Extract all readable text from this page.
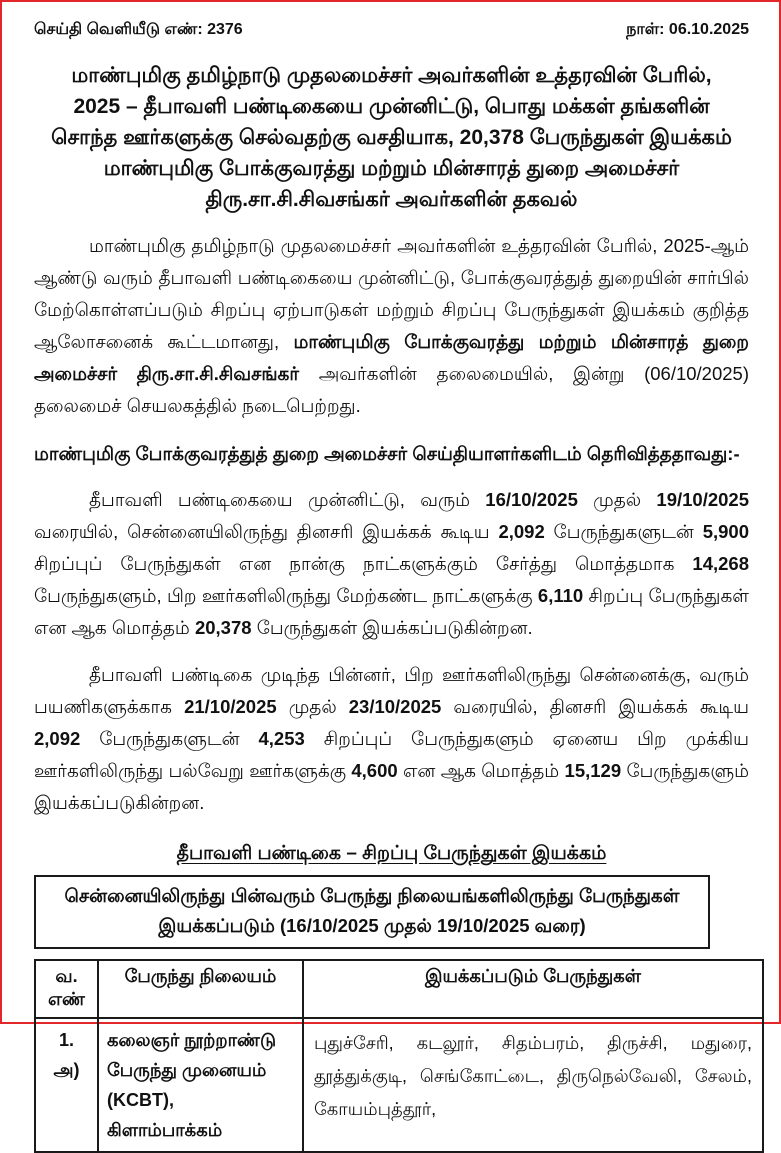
செய்தி வெளியீடு எண்: 2376	நாள்: 06.10.2025
மாண்புமிகு தமிழ்நாடு முதலமைச்சர் அவர்களின் உத்தரவின் பேரில்,
2025 – தீபாவளி பண்டிகையை முன்னிட்டு, பொது மக்கள் தங்களின்
சொந்த ஊர்களுக்கு செல்வதற்கு வசதியாக, 20,378 பேருந்துகள் இயக்கம்
மாண்புமிகு போக்குவரத்து மற்றும் மின்சாரத் துறை அமைச்சர்
திரு.சா.சி.சிவசங்கர் அவர்களின் தகவல்

மாண்புமிகு தமிழ்நாடு முதலமைச்சர் அவர்களின் உத்தரவின் பேரில், 2025-ஆம் ஆண்டு வரும் தீபாவளி பண்டிகையை முன்னிட்டு, போக்குவரத்துத் துறையின் சார்பில் மேற்கொள்ளப்படும் சிறப்பு ஏற்பாடுகள் மற்றும் சிறப்பு பேருந்துகள் இயக்கம் குறித்த ஆலோசனைக் கூட்டமானது, மாண்புமிகு போக்குவரத்து மற்றும் மின்சாரத் துறை அமைச்சர் திரு.சா.சி.சிவசங்கர் அவர்களின் தலைமையில், இன்று (06/10/2025) தலைமைச் செயலகத்தில் நடைபெற்றது.

மாண்புமிகு போக்குவரத்துத் துறை அமைச்சர் செய்தியாளர்களிடம் தெரிவித்ததாவது:-

தீபாவளி பண்டிகையை முன்னிட்டு, வரும் 16/10/2025 முதல் 19/10/2025 வரையில், சென்னையிலிருந்து தினசரி இயக்கக் கூடிய 2,092 பேருந்துகளுடன் 5,900 சிறப்புப் பேருந்துகள் என நான்கு நாட்களுக்கும் சேர்த்து மொத்தமாக 14,268 பேருந்துகளும், பிற ஊர்களிலிருந்து மேற்கண்ட நாட்களுக்கு 6,110 சிறப்பு பேருந்துகள் என ஆக மொத்தம் 20,378 பேருந்துகள் இயக்கப்படுகின்றன.

தீபாவளி பண்டிகை முடிந்த பின்னர், பிற ஊர்களிலிருந்து சென்னைக்கு, வரும் பயணிகளுக்காக 21/10/2025 முதல் 23/10/2025 வரையில், தினசரி இயக்கக் கூடிய 2,092 பேருந்துகளுடன் 4,253 சிறப்புப் பேருந்துகளும் ஏனைய பிற முக்கிய ஊர்களிலிருந்து பல்வேறு ஊர்களுக்கு 4,600 என ஆக மொத்தம் 15,129 பேருந்துகளும் இயக்கப்படுகின்றன.

தீபாவளி பண்டிகை – சிறப்பு பேருந்துகள் இயக்கம்
சென்னையிலிருந்து பின்வரும் பேருந்து நிலையங்களிலிருந்து பேருந்துகள்
இயக்கப்படும் (16/10/2025 முதல் 19/10/2025 வரை)
வ. எண்	பேருந்து நிலையம்	இயக்கப்படும் பேருந்துகள்

1.
அ)	கலைஞர் நூற்றாண்டு பேருந்து முனையம் (KCBT), கிளாம்பாக்கம்	புதுச்சேரி, கடலூர், சிதம்பரம், திருச்சி, மதுரை, தூத்துக்குடி, செங்கோட்டை, திருநெல்வேலி, சேலம், கோயம்புத்தூர்,
